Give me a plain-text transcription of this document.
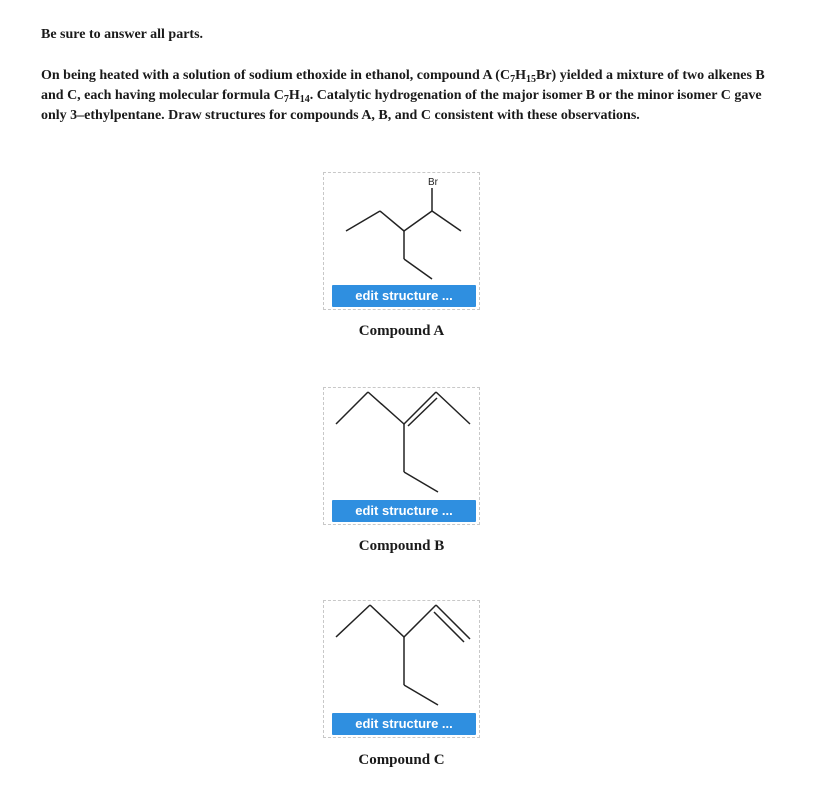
Be sure to answer all parts.
On being heated with a solution of sodium ethoxide in ethanol, compound A $(C_7H_{15}Br)$ yielded a mixture of two alkenes B and C, each having molecular formula $C_7H_{14}$. Catalytic hydrogenation of the major isomer B or the minor isomer C gave only 3–ethylpentane. Draw structures for compounds A, B, and C consistent with these observations.
Br
edit structure ...
Compound A
edit structure ...
Compound B
edit structure ...
Compound C
